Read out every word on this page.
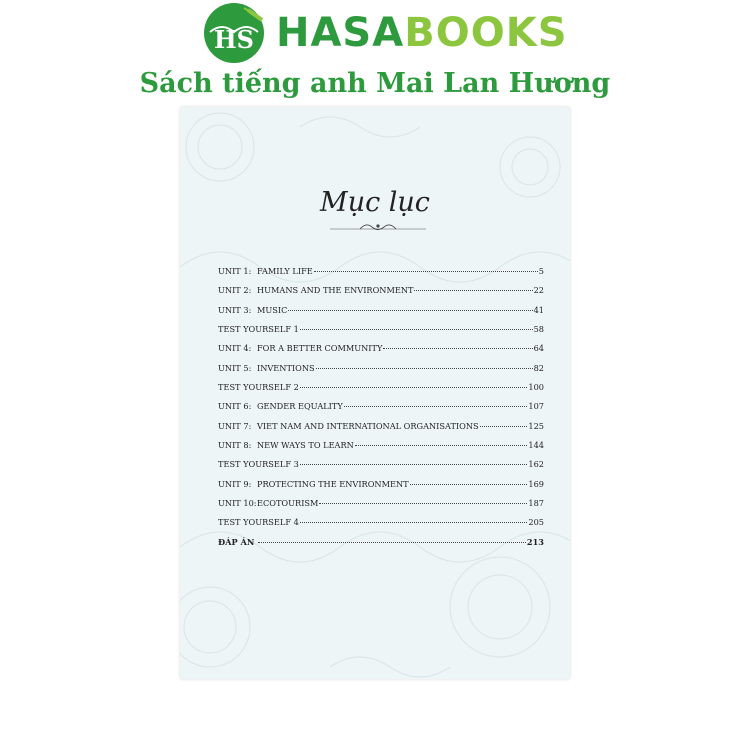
HS HASABOOKS
Sách tiếng anh Mai Lan Hương
Mục lục
UNIT 1: FAMILY LIFE	5
UNIT 2: HUMANS AND THE ENVIRONMENT	22
UNIT 3: MUSIC	41
TEST YOURSELF 1	58
UNIT 4: FOR A BETTER COMMUNITY	64
UNIT 5: INVENTIONS	82
TEST YOURSELF 2	100
UNIT 6: GENDER EQUALITY	107
UNIT 7: VIET NAM AND INTERNATIONAL ORGANISATIONS	125
UNIT 8: NEW WAYS TO LEARN	144
TEST YOURSELF 3	162
UNIT 9: PROTECTING THE ENVIRONMENT	169
UNIT 10: ECOTOURISM	187
TEST YOURSELF 4	205
ĐÁP ÁN	213
